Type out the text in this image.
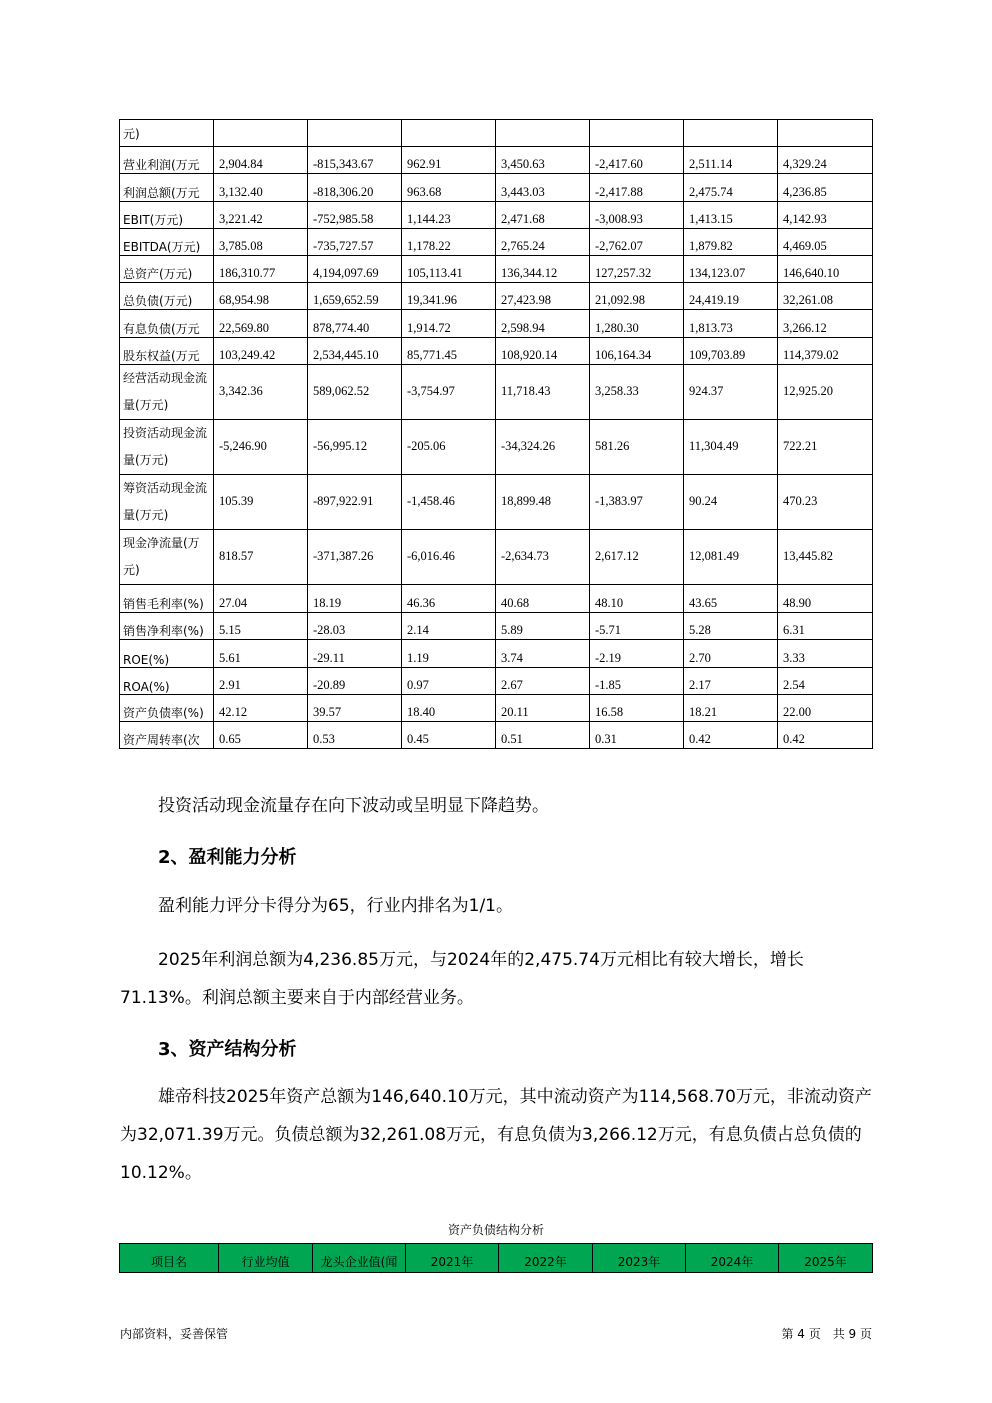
元)							
营业利润(万元	2,904.84	-815,343.67	962.91	3,450.63	-2,417.60	2,511.14	4,329.24
利润总额(万元	3,132.40	-818,306.20	963.68	3,443.03	-2,417.88	2,475.74	4,236.85
EBIT(万元)	3,221.42	-752,985.58	1,144.23	2,471.68	-3,008.93	1,413.15	4,142.93
EBITDA(万元)	3,785.08	-735,727.57	1,178.22	2,765.24	-2,762.07	1,879.82	4,469.05
总资产(万元)	186,310.77	4,194,097.69	105,113.41	136,344.12	127,257.32	134,123.07	146,640.10
总负债(万元)	68,954.98	1,659,652.59	19,341.96	27,423.98	21,092.98	24,419.19	32,261.08
有息负债(万元	22,569.80	878,774.40	1,914.72	2,598.94	1,280.30	1,813.73	3,266.12
股东权益(万元	103,249.42	2,534,445.10	85,771.45	108,920.14	106,164.34	109,703.89	114,379.02

经营活动现金流量(万元)	3,342.36	589,062.52	-3,754.97	11,718.43	3,258.33	924.37	12,925.20

投资活动现金流量(万元)	-5,246.90	-56,995.12	-205.06	-34,324.26	581.26	11,304.49	722.21

筹资活动现金流量(万元)	105.39	-897,922.91	-1,458.46	18,899.48	-1,383.97	90.24	470.23

现金净流量(万元)	818.57	-371,387.26	-6,016.46	-2,634.73	2,617.12	12,081.49	13,445.82
销售毛利率(%)	27.04	18.19	46.36	40.68	48.10	43.65	48.90
销售净利率(%)	5.15	-28.03	2.14	5.89	-5.71	5.28	6.31
ROE(%)	5.61	-29.11	1.19	3.74	-2.19	2.70	3.33
ROA(%)	2.91	-20.89	0.97	2.67	-1.85	2.17	2.54
资产负债率(%)	42.12	39.57	18.40	20.11	16.58	18.21	22.00
资产周转率(次	0.65	0.53	0.45	0.51	0.31	0.42	0.42
投资活动现金流量存在向下波动或呈明显下降趋势。
2、盈利能力分析
盈利能力评分卡得分为65，行业内排名为1/1。
2025年利润总额为4,236.85万元，与2024年的2,475.74万元相比有较大增长，增长71.13%。利润总额主要来自于内部经营业务。
3、资产结构分析
雄帝科技2025年资产总额为146,640.10万元，其中流动资产为114,568.70万元，非流动资产为32,071.39万元。负债总额为32,261.08万元，有息负债为3,266.12万元，有息负债占总负债的10.12%。
资产负债结构分析
项目名	行业均值	龙头企业值(闻	2021年	2022年	2023年	2024年	2025年
内部资料，妥善保管	第 4 页　共 9 页
